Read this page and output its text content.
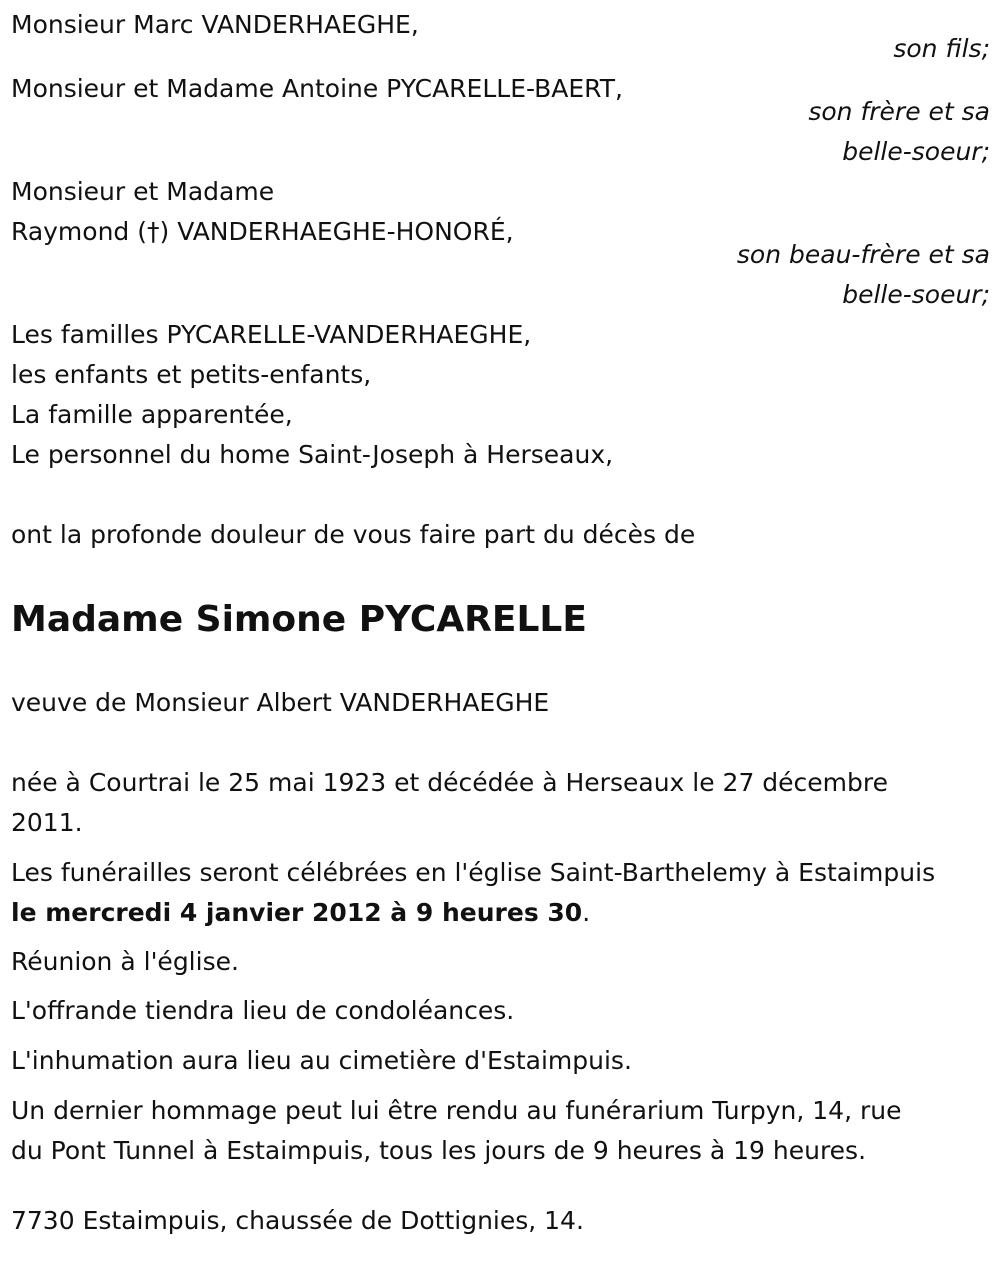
Monsieur Marc VANDERHAEGHE,
son fils;
Monsieur et Madame Antoine PYCARELLE-BAERT,
son frère et sa
belle-soeur;
Monsieur et Madame
Raymond (†) VANDERHAEGHE-HONORÉ,
son beau-frère et sa
belle-soeur;
Les familles PYCARELLE-VANDERHAEGHE,
les enfants et petits-enfants,
La famille apparentée,
Le personnel du home Saint-Joseph à Herseaux,
ont la profonde douleur de vous faire part du décès de
Madame Simone PYCARELLE
veuve de Monsieur Albert VANDERHAEGHE
née à Courtrai le 25 mai 1923 et décédée à Herseaux le 27 décembre
2011.
Les funérailles seront célébrées en l'église Saint-Barthelemy à Estaimpuis
le mercredi 4 janvier 2012 à 9 heures 30.
Réunion à l'église.
L'offrande tiendra lieu de condoléances.
L'inhumation aura lieu au cimetière d'Estaimpuis.
Un dernier hommage peut lui être rendu au funérarium Turpyn, 14, rue
du Pont Tunnel à Estaimpuis, tous les jours de 9 heures à 19 heures.
7730 Estaimpuis, chaussée de Dottignies, 14.
